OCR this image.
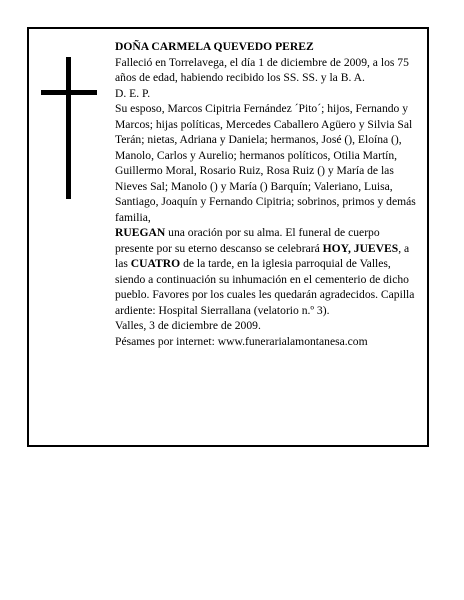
DOÑA CARMELA QUEVEDO PEREZ

Falleció en Torrelavega, el día 1 de diciembre de 2009, a los 75 años de edad, habiendo recibido los SS. SS. y la B. A.

D. E. P.

Su esposo, Marcos Cipitria Fernández ´Pito´; hijos, Fernando y Marcos; hijas políticas, Mercedes Caballero Agüero y Silvia Sal Terán; nietas, Adriana y Daniela; hermanos, José (), Eloína (), Manolo, Carlos y Aurelio; hermanos políticos, Otilia Martín, Guillermo Moral, Rosario Ruiz, Rosa Ruiz () y María de las Nieves Sal; Manolo () y María () Barquín; Valeriano, Luisa, Santiago, Joaquín y Fernando Cipitria; sobrinos, primos y demás familia,

RUEGAN una oración por su alma. El funeral de cuerpo presente por su eterno descanso se celebrará HOY, JUEVES, a las CUATRO de la tarde, en la iglesia parroquial de Valles, siendo a continuación su inhumación en el cementerio de dicho pueblo. Favores por los cuales les quedarán agradecidos. Capilla ardiente: Hospital Sierrallana (velatorio n.º 3).

Valles, 3 de diciembre de 2009.

Pésames por internet: www.funerarialamontanesa.com
